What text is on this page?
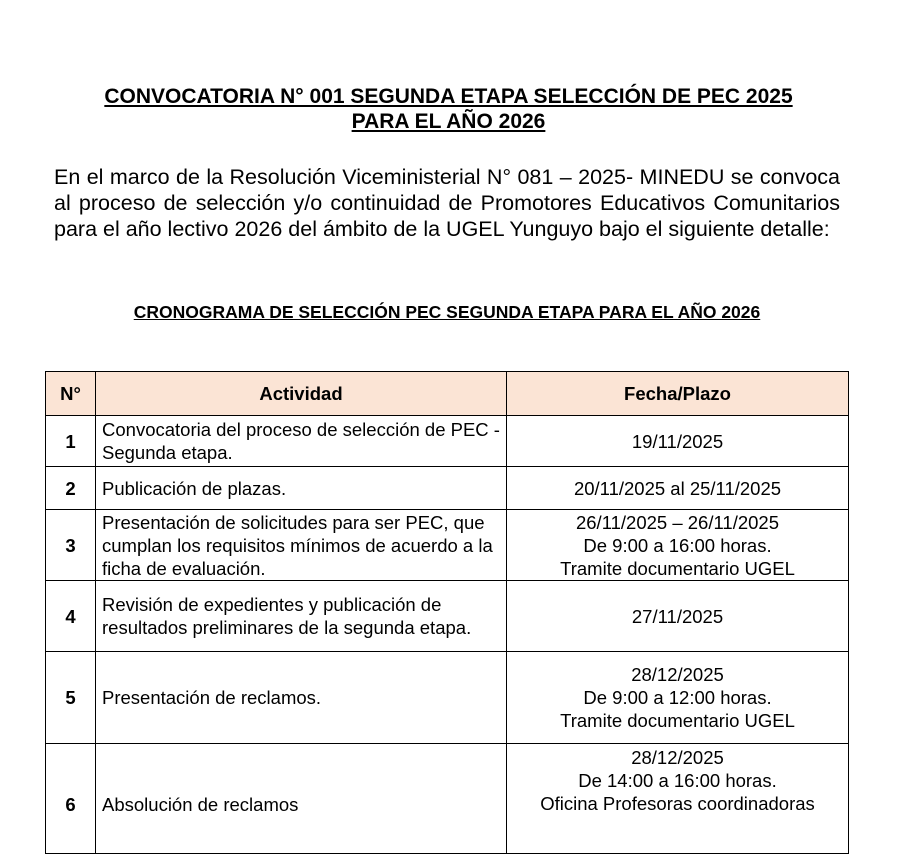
CONVOCATORIA N° 001 SEGUNDA ETAPA SELECCIÓN DE PEC 2025
PARA EL AÑO 2026
En el marco de la Resolución Viceministerial N° 081 – 2025- MINEDU se convoca al proceso de selección y/o continuidad de Promotores Educativos Comunitarios para el año lectivo 2026 del ámbito de la UGEL Yunguyo bajo el siguiente detalle:
CRONOGRAMA DE SELECCIÓN PEC SEGUNDA ETAPA PARA EL AÑO 2026
N°	Actividad	Fecha/Plazo
1	Convocatoria del proceso de selección de PEC - Segunda etapa.	19/11/2025

2	Publicación de plazas.	20/11/2025 al 25/11/2025

3	Presentación de solicitudes para ser PEC, que cumplan los requisitos mínimos de acuerdo a la ficha de evaluación.	26/11/2025 – 26/11/2025
De 9:00 a 16:00 horas.
Tramite documentario UGEL

4	Revisión de expedientes y publicación de resultados preliminares de la segunda etapa.	27/11/2025

5	Presentación de reclamos.	28/12/2025
De 9:00 a 12:00 horas.
Tramite documentario UGEL

6	Absolución de reclamos	28/12/2025
De 14:00 a 16:00 horas.
Oficina Profesoras coordinadoras
